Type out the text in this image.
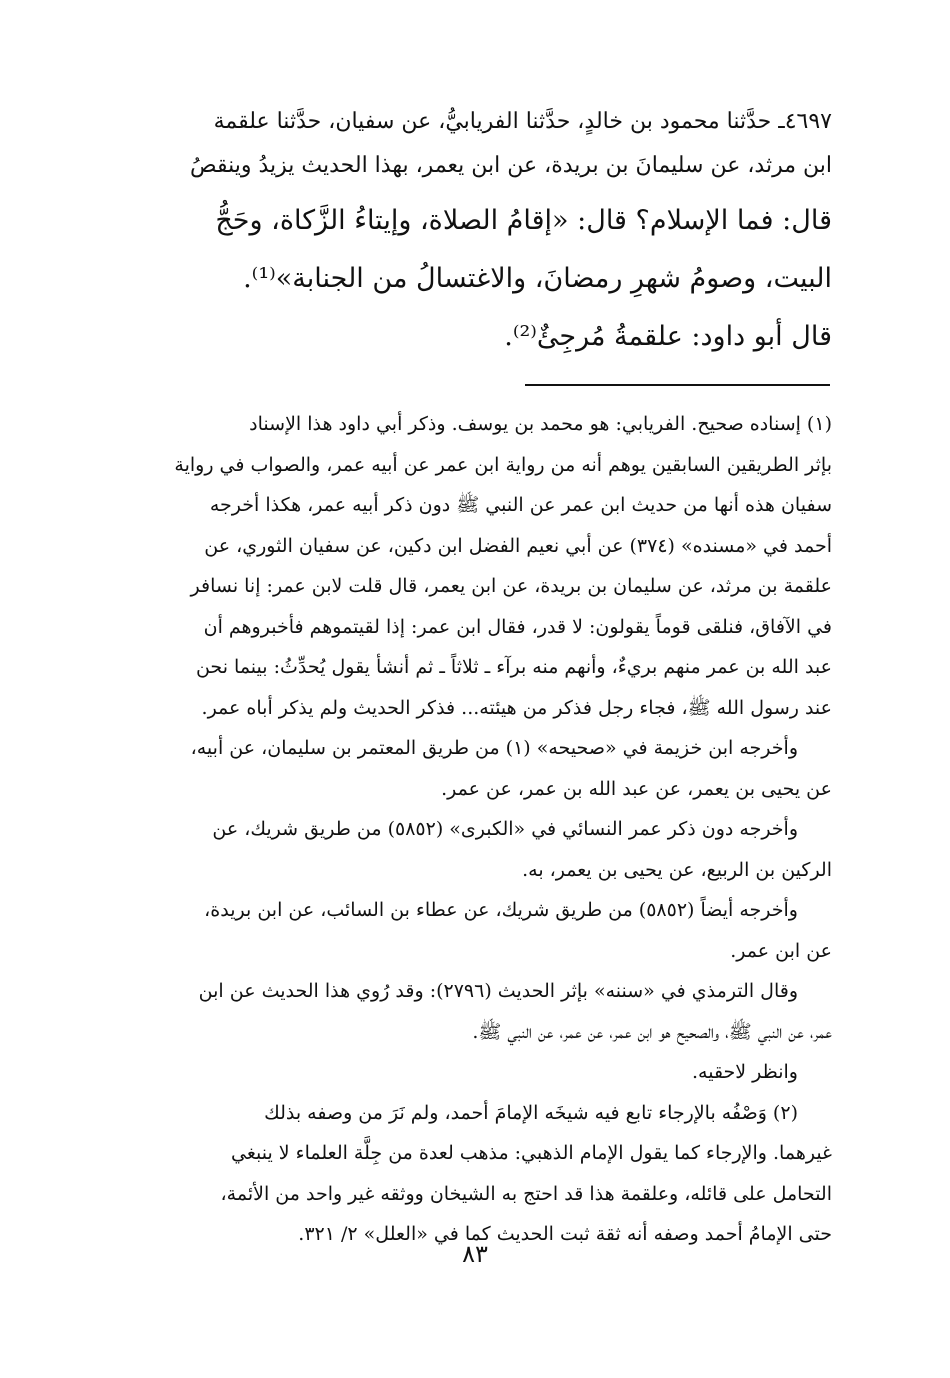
٤٦٩٧ـ حدَّثنا محمود بن خالدٍ، حدَّثنا الفريابيُّ، عن سفيان، حدَّثنا علقمة
ابن مرثد، عن سليمانَ بن بريدة، عن ابن يعمر، بهذا الحديث يزيدُ وينقصُ
قال: فما الإسلام؟ قال: «إقامُ الصلاة، وإيتاءُ الزَّكاة، وحَجُّ
البيت، وصومُ شهرِ رمضانَ، والاغتسالُ من الجنابة»⁽¹⁾.
قال أبو داود: علقمةُ مُرجِئٌ⁽²⁾.
(١) إسناده صحيح. الفريابي: هو محمد بن يوسف. وذكر أبي داود هذا الإسناد
بإثر الطريقين السابقين يوهم أنه من رواية ابن عمر عن أبيه عمر، والصواب في رواية
سفيان هذه أنها من حديث ابن عمر عن النبي ﷺ دون ذكر أبيه عمر، هكذا أخرجه
أحمد في «مسنده» (٣٧٤) عن أبي نعيم الفضل ابن دكين، عن سفيان الثوري، عن
علقمة بن مرثد، عن سليمان بن بريدة، عن ابن يعمر، قال قلت لابن عمر: إنا نسافر
في الآفاق، فنلقى قوماً يقولون: لا قدر، فقال ابن عمر: إذا لقيتموهم فأخبروهم أن
عبد الله بن عمر منهم بريءٌ، وأنهم منه برآء ـ ثلاثاً ـ ثم أنشأ يقول يُحدِّثُ: بينما نحن
عند رسول الله ﷺ، فجاء رجل فذكر من هيئته... فذكر الحديث ولم يذكر أباه عمر.
وأخرجه ابن خزيمة في «صحيحه» (١) من طريق المعتمر بن سليمان، عن أبيه،
عن يحيى بن يعمر، عن عبد الله بن عمر، عن عمر.
وأخرجه دون ذكر عمر النسائي في «الكبرى» (٥٨٥٢) من طريق شريك، عن
الركين بن الربيع، عن يحيى بن يعمر، به.
وأخرجه أيضاً (٥٨٥٢) من طريق شريك، عن عطاء بن السائب، عن ابن بريدة،
عن ابن عمر.
وقال الترمذي في «سننه» بإثر الحديث (٢٧٩٦): وقد رُوي هذا الحديث عن ابن
عمر، عن النبي ﷺ، والصحيح هو ابن عمر، عن عمر، عن النبي ﷺ.
وانظر لاحقيه.
(٢) وَصْفُه بالإرجاء تابع فيه شيخَه الإمامَ أحمد، ولم نَرَ من وصفه بذلك
غيرهما. والإرجاء كما يقول الإمام الذهبي: مذهب لعدة من جِلَّة العلماء لا ينبغي
التحامل على قائله، وعلقمة هذا قد احتج به الشيخان ووثقه غير واحد من الأئمة،
حتى الإمامُ أحمد وصفه أنه ثقة ثبت الحديث كما في «العلل» ٢/ ٣٢١.
٨٣
